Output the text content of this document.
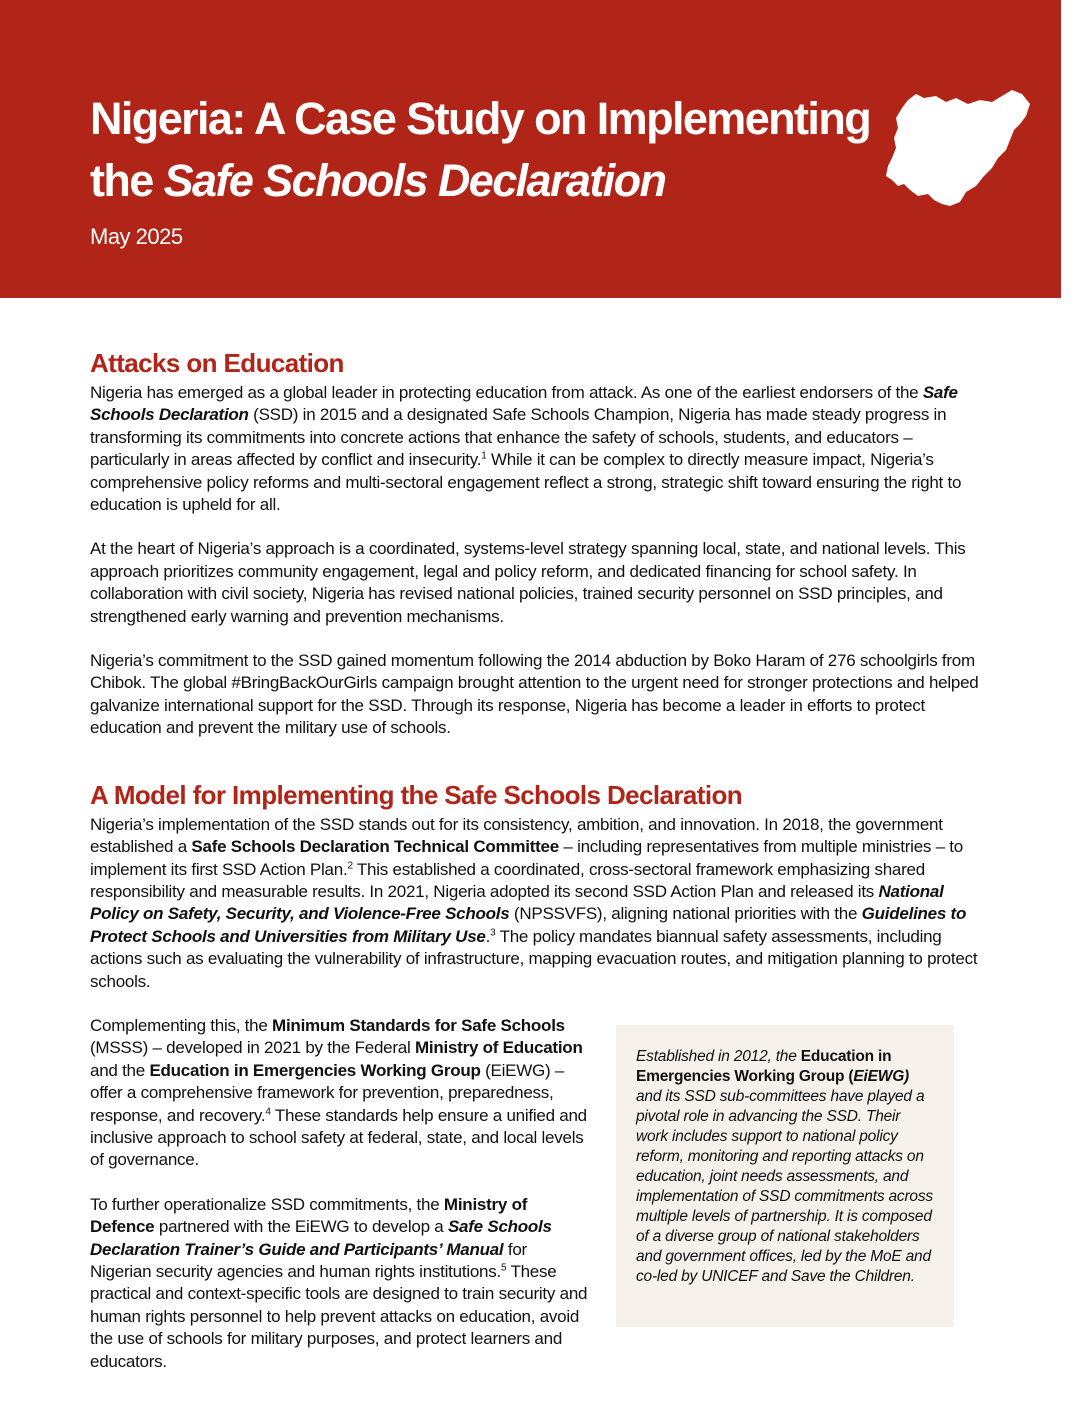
Nigeria: A Case Study on Implementing
the Safe Schools Declaration
May 2025
Attacks on Education

Nigeria has emerged as a global leader in protecting education from attack. As one of the earliest endorsers of the Safe Schools Declaration (SSD) in 2015 and a designated Safe Schools Champion, Nigeria has made steady progress in transforming its commitments into concrete actions that enhance the safety of schools, students, and educators – particularly in areas affected by conflict and insecurity.$^1$ While it can be complex to directly measure impact, Nigeria’s comprehensive policy reforms and multi-sectoral engagement reflect a strong, strategic shift toward ensuring the right to education is upheld for all.

At the heart of Nigeria’s approach is a coordinated, systems-level strategy spanning local, state, and national levels. This approach prioritizes community engagement, legal and policy reform, and dedicated financing for school safety. In collaboration with civil society, Nigeria has revised national policies, trained security personnel on SSD principles, and strengthened early warning and prevention mechanisms.

Nigeria’s commitment to the SSD gained momentum following the 2014 abduction by Boko Haram of 276 schoolgirls from Chibok. The global #BringBackOurGirls campaign brought attention to the urgent need for stronger protections and helped galvanize international support for the SSD. Through its response, Nigeria has become a leader in efforts to protect education and prevent the military use of schools.

A Model for Implementing the Safe Schools Declaration

Nigeria’s implementation of the SSD stands out for its consistency, ambition, and innovation. In 2018, the government established a Safe Schools Declaration Technical Committee – including representatives from multiple ministries – to implement its first SSD Action Plan.$^2$ This established a coordinated, cross-sectoral framework emphasizing shared responsibility and measurable results. In 2021, Nigeria adopted its second SSD Action Plan and released its National Policy on Safety, Security, and Violence-Free Schools (NPSSVFS), aligning national priorities with the Guidelines to Protect Schools and Universities from Military Use.$^3$ The policy mandates biannual safety assessments, including actions such as evaluating the vulnerability of infrastructure, mapping evacuation routes, and mitigation planning to protect schools.

Complementing this, the Minimum Standards for Safe Schools (MSSS) – developed in 2021 by the Federal Ministry of Education and the Education in Emergencies Working Group (EiEWG) – offer a comprehensive framework for prevention, preparedness, response, and recovery.$^4$ These standards help ensure a unified and inclusive approach to school safety at federal, state, and local levels of governance.

To further operationalize SSD commitments, the Ministry of Defence partnered with the EiEWG to develop a Safe Schools Declaration Trainer’s Guide and Participants’ Manual for Nigerian security agencies and human rights institutions.$^5$ These practical and context-specific tools are designed to train security and human rights personnel to help prevent attacks on education, avoid the use of schools for military purposes, and protect learners and educators.

Established in 2012, the Education in Emergencies Working Group (EiEWG) and its SSD sub-committees have played a pivotal role in advancing the SSD. Their work includes support to national policy reform, monitoring and reporting attacks on education, joint needs assessments, and implementation of SSD commitments across multiple levels of partnership. It is composed of a diverse group of national stakeholders and government offices, led by the MoE and co-led by UNICEF and Save the Children.
